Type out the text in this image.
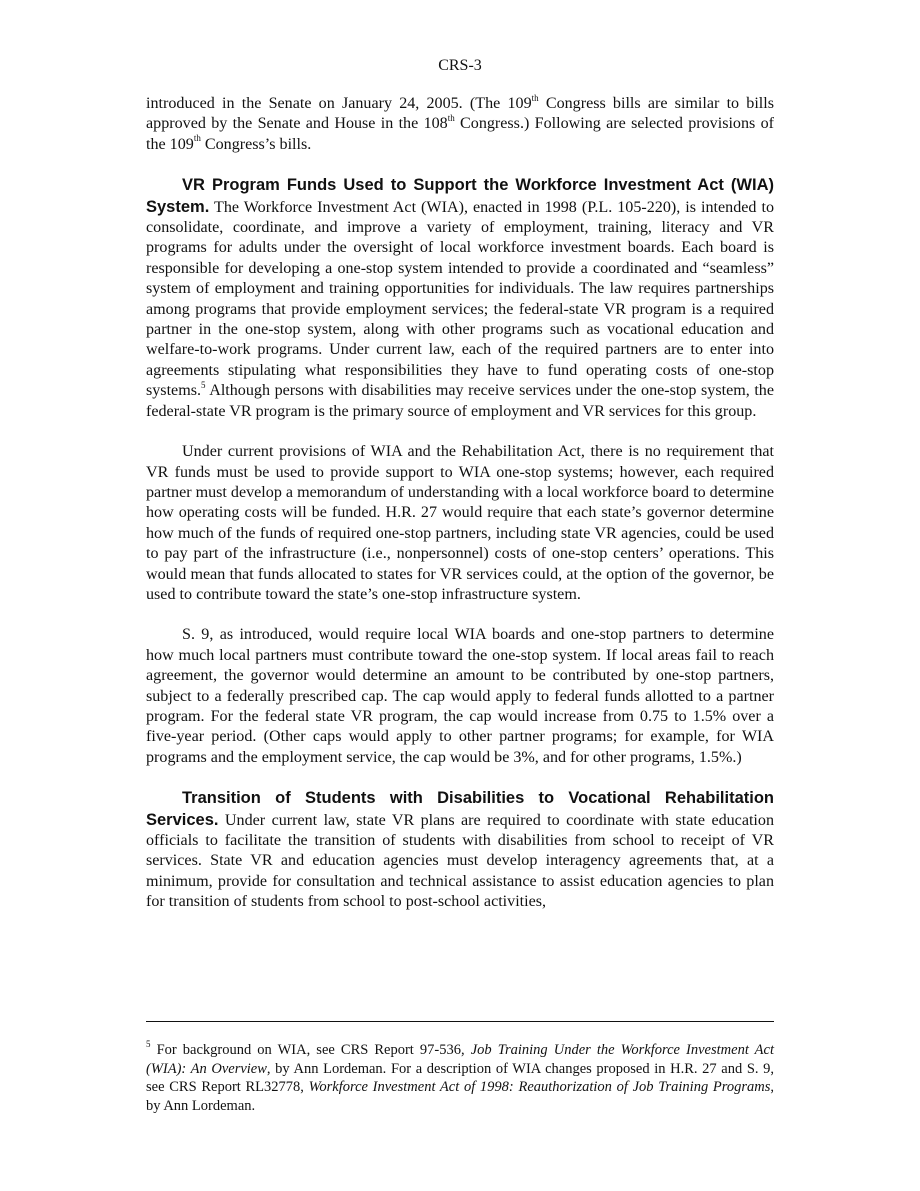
CRS-3

introduced in the Senate on January 24, 2005. (The 109th Congress bills are similar to bills approved by the Senate and House in the 108th Congress.) Following are selected provisions of the 109th Congress’s bills.

VR Program Funds Used to Support the Workforce Investment Act (WIA) System. The Workforce Investment Act (WIA), enacted in 1998 (P.L. 105-220), is intended to consolidate, coordinate, and improve a variety of employment, training, literacy and VR programs for adults under the oversight of local workforce investment boards. Each board is responsible for developing a one-stop system intended to provide a coordinated and “seamless” system of employment and training opportunities for individuals. The law requires partnerships among programs that provide employment services; the federal-state VR program is a required partner in the one-stop system, along with other programs such as vocational education and welfare-to-work programs. Under current law, each of the required partners are to enter into agreements stipulating what responsibilities they have to fund operating costs of one-stop systems.$^5$ Although persons with disabilities may receive services under the one-stop system, the federal-state VR program is the primary source of employment and VR services for this group.

Under current provisions of WIA and the Rehabilitation Act, there is no requirement that VR funds must be used to provide support to WIA one-stop systems; however, each required partner must develop a memorandum of understanding with a local workforce board to determine how operating costs will be funded. H.R. 27 would require that each state’s governor determine how much of the funds of required one-stop partners, including state VR agencies, could be used to pay part of the infrastructure (i.e., nonpersonnel) costs of one-stop centers’ operations. This would mean that funds allocated to states for VR services could, at the option of the governor, be used to contribute toward the state’s one-stop infrastructure system.

S. 9, as introduced, would require local WIA boards and one-stop partners to determine how much local partners must contribute toward the one-stop system. If local areas fail to reach agreement, the governor would determine an amount to be contributed by one-stop partners, subject to a federally prescribed cap. The cap would apply to federal funds allotted to a partner program. For the federal state VR program, the cap would increase from 0.75 to 1.5% over a five-year period. (Other caps would apply to other partner programs; for example, for WIA programs and the employment service, the cap would be 3%, and for other programs, 1.5%.)

Transition of Students with Disabilities to Vocational Rehabilitation Services. Under current law, state VR plans are required to coordinate with state education officials to facilitate the transition of students with disabilities from school to receipt of VR services. State VR and education agencies must develop interagency agreements that, at a minimum, provide for consultation and technical assistance to assist education agencies to plan for transition of students from school to post-school activities,

$^5$ For background on WIA, see CRS Report 97-536, Job Training Under the Workforce Investment Act (WIA): An Overview, by Ann Lordeman. For a description of WIA changes proposed in H.R. 27 and S. 9, see CRS Report RL32778, Workforce Investment Act of 1998: Reauthorization of Job Training Programs, by Ann Lordeman.
